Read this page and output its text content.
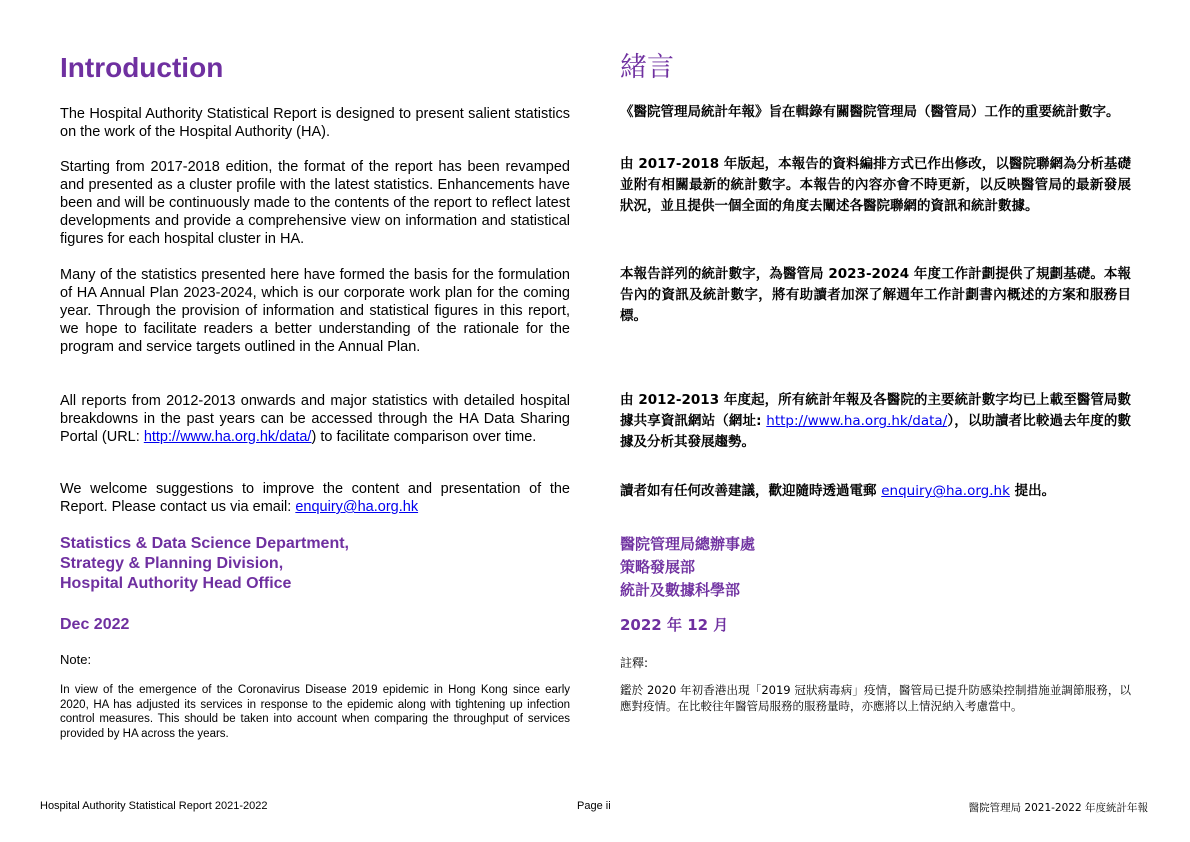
Introduction

The Hospital Authority Statistical Report is designed to present salient statistics on the work of the Hospital Authority (HA).

Starting from 2017-2018 edition, the format of the report has been revamped and presented as a cluster profile with the latest statistics. Enhancements have been and will be continuously made to the contents of the report to reflect latest developments and provide a comprehensive view on information and statistical figures for each hospital cluster in HA.

Many of the statistics presented here have formed the basis for the formulation of HA Annual Plan 2023-2024, which is our corporate work plan for the coming year. Through the provision of information and statistical figures in this report, we hope to facilitate readers a better understanding of the rationale for the program and service targets outlined in the Annual Plan.

All reports from 2012-2013 onwards and major statistics with detailed hospital breakdowns in the past years can be accessed through the HA Data Sharing Portal (URL: http://www.ha.org.hk/data/) to facilitate comparison over time.

We welcome suggestions to improve the content and presentation of the Report. Please contact us via email: enquiry@ha.org.hk

Statistics & Data Science Department,
Strategy & Planning Division,
Hospital Authority Head Office
Dec 2022
Note:

In view of the emergence of the Coronavirus Disease 2019 epidemic in Hong Kong since early 2020, HA has adjusted its services in response to the epidemic along with tightening up infection control measures. This should be taken into account when comparing the throughput of services provided by HA across the years.

緒言

《醫院管理局統計年報》旨在輯錄有關醫院管理局（醫管局）工作的重要統計數字。

由 2017-2018 年版起，本報告的資料編排方式已作出修改，以醫院聯網為分析基礎並附有相關最新的統計數字。本報告的內容亦會不時更新，以反映醫管局的最新發展狀況，並且提供一個全面的角度去闡述各醫院聯網的資訊和統計數據。

本報告詳列的統計數字，為醫管局 2023-2024 年度工作計劃提供了規劃基礎。本報告內的資訊及統計數字，將有助讀者加深了解週年工作計劃書內概述的方案和服務目標。

由 2012-2013 年度起，所有統計年報及各醫院的主要統計數字均已上載至醫管局數據共享資訊網站（網址: http://www.ha.org.hk/data/），以助讀者比較過去年度的數據及分析其發展趨勢。

讀者如有任何改善建議，歡迎隨時透過電郵 enquiry@ha.org.hk 提出。

醫院管理局總辦事處
策略發展部
統計及數據科學部
2022 年 12 月
註釋:

鑑於 2020 年初香港出現「2019 冠狀病毒病」疫情，醫管局已提升防感染控制措施並調節服務，以應對疫情。在比較往年醫管局服務的服務量時，亦應將以上情況納入考慮當中。

Hospital Authority Statistical Report 2021-2022	Page ii	醫院管理局 2021-2022 年度統計年報
